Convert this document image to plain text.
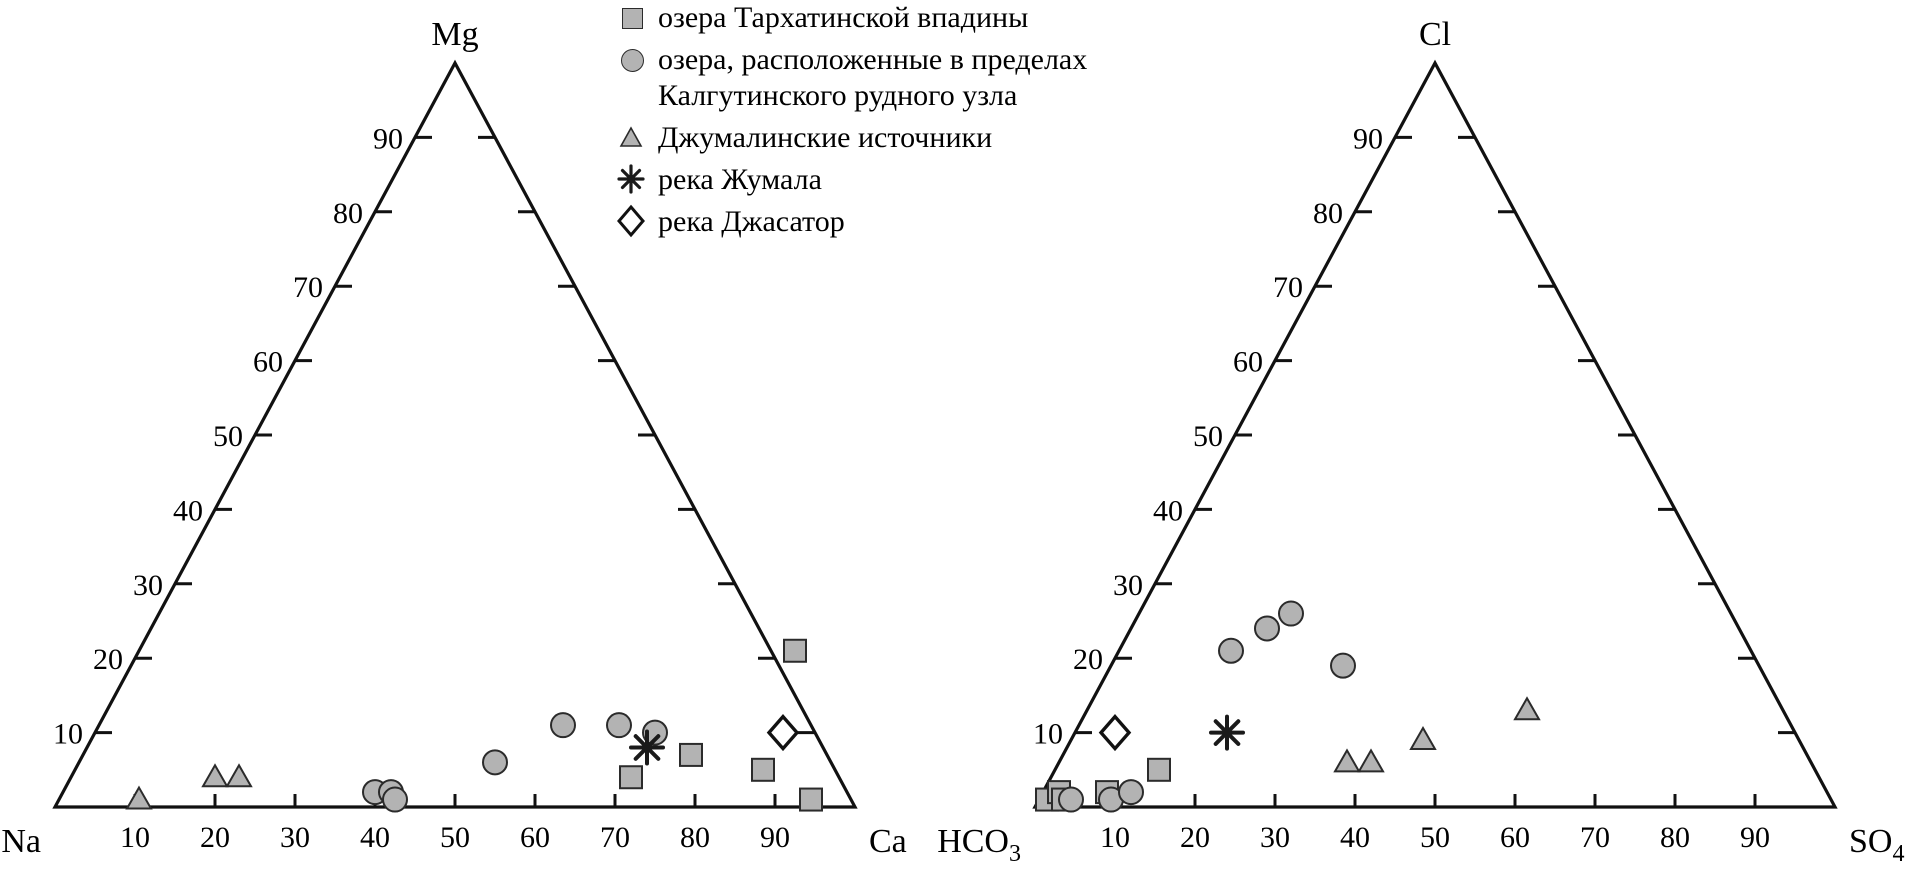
озера Тархатинской впадины
озера, расположенные в пределах Калгутинского рудного узла
Джумалинские источники
река Жумала
река Джасатор
10 20 30 40 50 60 70 80 90
10
20
30
40
50
60
70
80
90
Mg
Na	Ca	10 20 30 40 50 60 70 80 90
10
20
30
40
50
60
70
80
90
Cl
$HCO_3$	$SO_4$
